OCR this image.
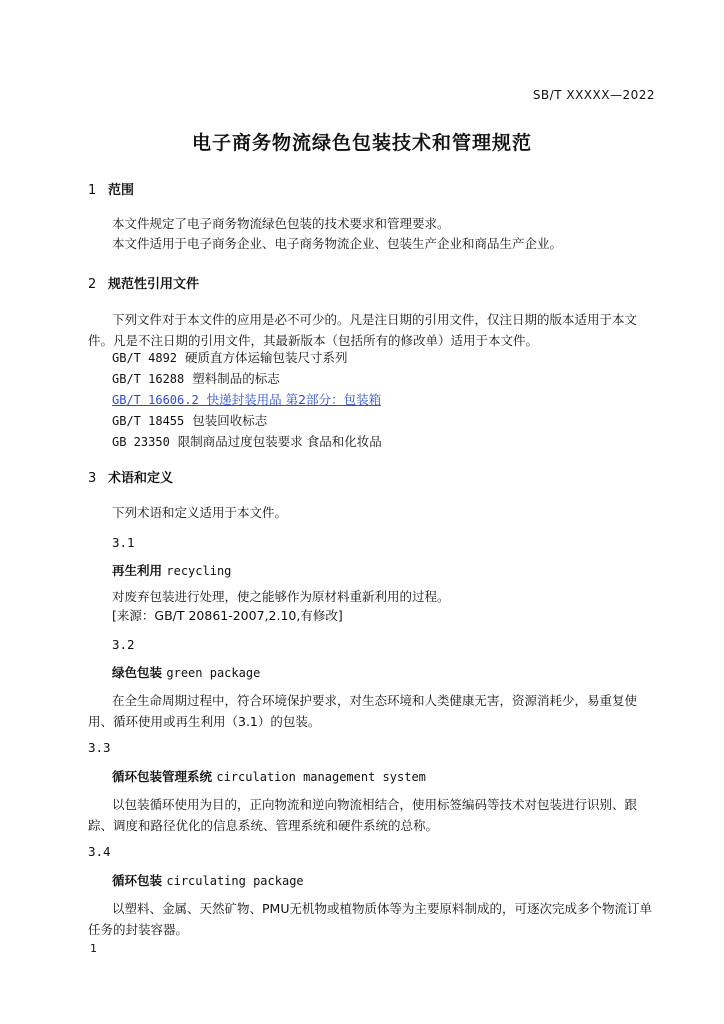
SB/T XXXXX—2022
电子商务物流绿色包装技术和管理规范
1 范围
本文件规定了电子商务物流绿色包装的技术要求和管理要求。
本文件适用于电子商务企业、电子商务物流企业、包装生产企业和商品生产企业。
2 规范性引用文件
下列文件对于本文件的应用是必不可少的。凡是注日期的引用文件，仅注日期的版本适用于本文件。凡是不注日期的引用文件，其最新版本（包括所有的修改单）适用于本文件。
GB/T 4892 硬质直方体运输包装尺寸系列
GB/T 16288 塑料制品的标志
GB/T 16606.2 快递封装用品 第2部分：包装箱
GB/T 18455 包装回收标志
GB 23350 限制商品过度包装要求 食品和化妆品
3 术语和定义
下列术语和定义适用于本文件。
3.1
再生利用 recycling
对废弃包装进行处理，使之能够作为原材料重新利用的过程。
[来源：GB/T 20861-2007,2.10,有修改]
3.2
绿色包装 green package
在全生命周期过程中，符合环境保护要求，对生态环境和人类健康无害，资源消耗少，易重复使用、循环使用或再生利用（3.1）的包装。
3.3
循环包装管理系统 circulation management system
以包装循环使用为目的，正向物流和逆向物流相结合，使用标签编码等技术对包装进行识别、跟踪、调度和路径优化的信息系统、管理系统和硬件系统的总称。
3.4
循环包装 circulating package
以塑料、金属、天然矿物、PMU无机物或植物质体等为主要原料制成的，可逐次完成多个物流订单任务的封装容器。
1
